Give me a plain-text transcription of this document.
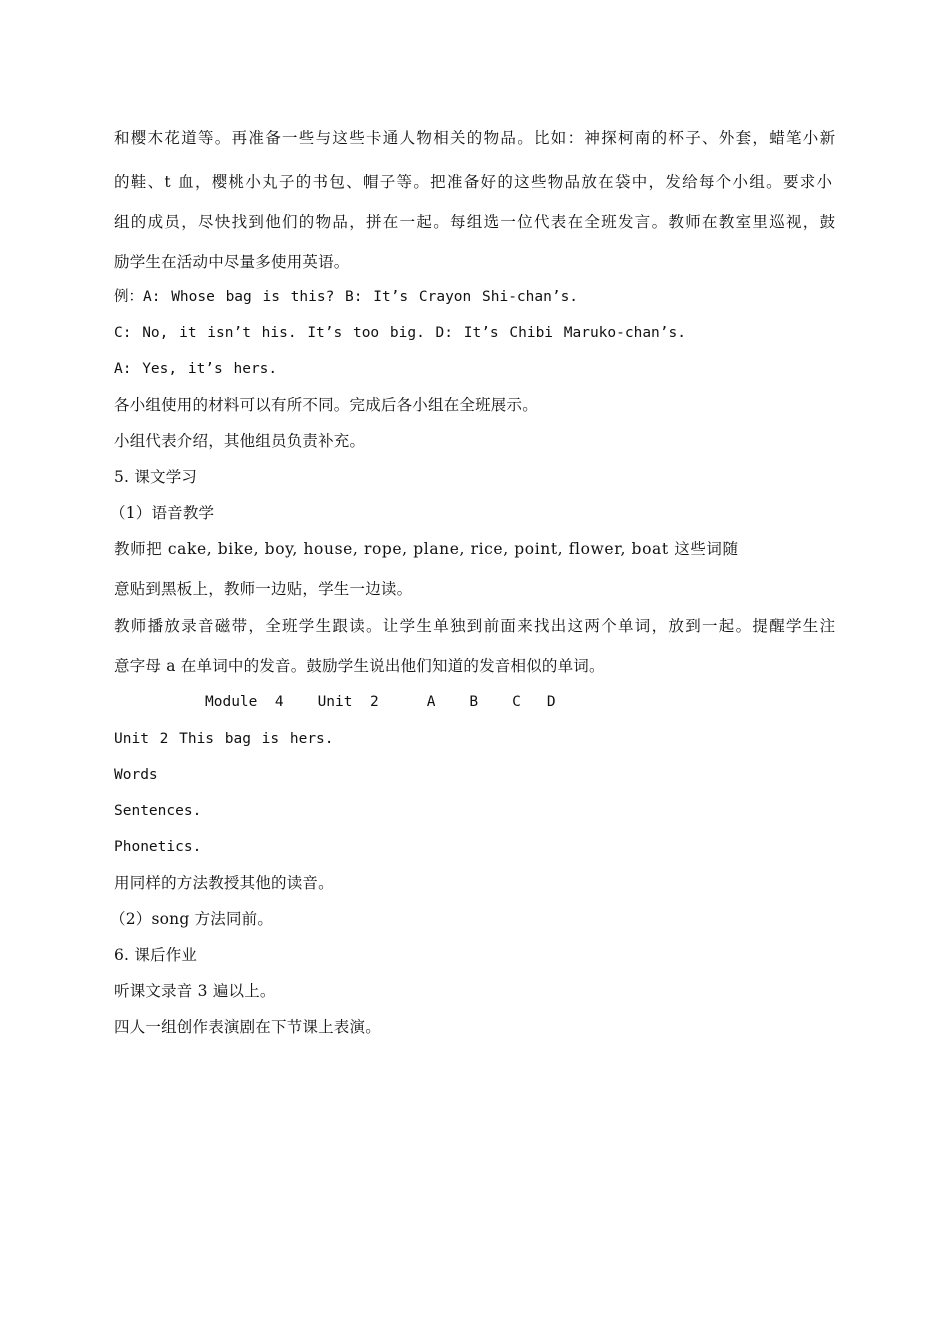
和樱木花道等。再准备一些与这些卡通人物相关的物品。比如：神探柯南的杯子、外套，蜡笔小新
的鞋、t 血，樱桃小丸子的书包、帽子等。把准备好的这些物品放在袋中，发给每个小组。要求小
组的成员，尽快找到他们的物品，拼在一起。每组选一位代表在全班发言。教师在教室里巡视，鼓
励学生在活动中尽量多使用英语。
例：A: Whose bag is this? B: It’s Crayon Shi-chan’s.
C: No, it isn’t his. It’s too big. D: It’s Chibi Maruko-chan’s.
A: Yes, it’s hers.
各小组使用的材料可以有所不同。完成后各小组在全班展示。
小组代表介绍，其他组员负责补充。
5. 课文学习
（1）语音教学
教师把 cake, bike, boy, house, rope, plane, rice, point, flower, boat 这些词随
意贴到黑板上，教师一边贴，学生一边读。
教师播放录音磁带，全班学生跟读。让学生单独到前面来找出这两个单词，放到一起。提醒学生注
意字母 a 在单词中的发音。鼓励学生说出他们知道的发音相似的单词。
Module  4 Unit  2	A B C D
Unit 2 This bag is hers.
Words
Sentences.
Phonetics.
用同样的方法教授其他的读音。
（2）song 方法同前。
6. 课后作业
听课文录音 3 遍以上。
四人一组创作表演剧在下节课上表演。
